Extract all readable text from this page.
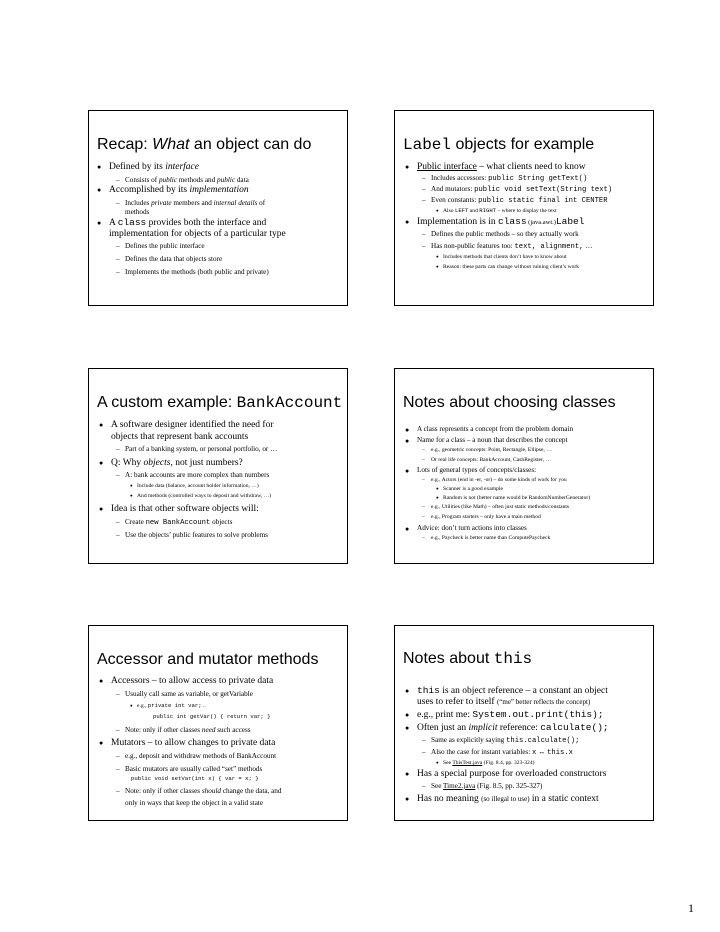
Recap: What an object can do
● Defined by its interface
– Consists of public methods and public data
● Accomplished by its implementation
– Includes private members and internal details of
methods
● A class provides both the interface and
implementation for objects of a particular type
– Defines the public interface
– Defines the data that objects store
– Implements the methods (both public and private)
Label objects for example
● Public interface – what clients need to know
– Includes accessors: public String getText()
– And mutators: public void setText(String text)
– Even constants: public static final int CENTER
● Also LEFT and RIGHT – where to display the text
● Implementation is in class (java.awt.)Label
– Defines the public methods – so they actually work
– Has non-public features too: text, alignment, …
● Includes methods that clients don’t have to know about
● Reason: these parts can change without ruining client’s work
A custom example: BankAccount
● A software designer identified the need for
objects that represent bank accounts
– Part of a banking system, or personal portfolio, or …
● Q: Why objects, not just numbers?
– A: bank accounts are more complex than numbers
● Include data (balance, account holder information, …)
● And methods (controlled ways to deposit and withdraw, …)
● Idea is that other software objects will:
– Create new BankAccount objects
– Use the objects’ public features to solve problems
Notes about choosing classes
● A class represents a concept from the problem domain
● Name for a class – a noun that describes the concept
– e.g., geometric concepts: Point, Rectangle, Ellipse, …
– Or real life concepts: BankAccount, CashRegister, …
● Lots of general types of concepts/classes:
– e.g., Actors (end in -er, -or) – do some kinds of work for you
● Scanner is a good example
● Random is not (better name would be RandomNumberGenerator)
– e.g., Utilities (like Math) – often just static methods/constants
– e.g., Program starters – only have a main method
● Advice: don’t turn actions into classes
– e.g., Paycheck is better name than ComputePaycheck
Accessor and mutator methods
● Accessors – to allow access to private data
– Usually call same as variable, or getVariable
● e.g., private int var; ..
public int getVar() { return var; }
– Note: only if other classes need such access
● Mutators – to allow changes to private data
– e.g., deposit and withdraw methods of BankAccount
– Basic mutators are usually called “set” methods
public void setVar(int x) { var = x; }
– Note: only if other classes should change the data, and
only in ways that keep the object in a valid state
Notes about this
● this is an object reference – a constant an object
uses to refer to itself (“me” better reflects the concept)
● e.g., print me: System.out.print(this);
● Often just an implicit reference: calculate();
– Same as explicitly saying this.calculate();
– Also the case for instant variables: x ↔ this.x
● See ThisTest.java (Fig. 8.4, pp. 323-324)
● Has a special purpose for overloaded constructors
– See Time2.java (Fig. 8.5, pp. 325-327)
● Has no meaning (so illegal to use) in a static context
1
